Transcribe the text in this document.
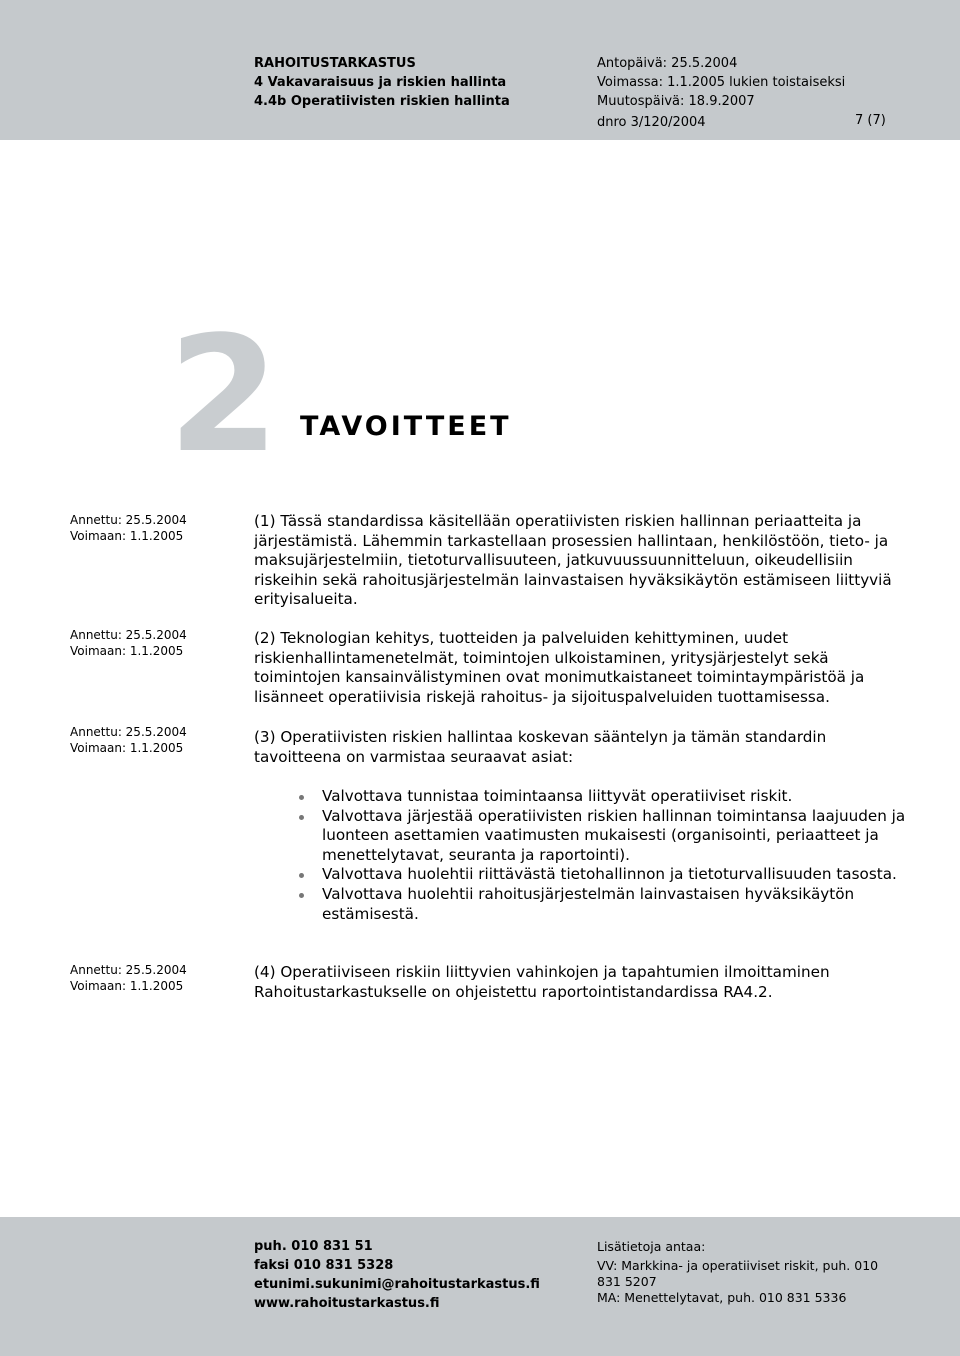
RAHOITUSTARKASTUS
4 Vakavaraisuus ja riskien hallinta
4.4b Operatiivisten riskien hallinta
Antopäivä: 25.5.2004
Voimassa: 1.1.2005 lukien toistaiseksi
Muutospäivä: 18.9.2007
dnro 3/120/2004	7 (7)
2 TAVOITTEET
Annettu: 25.5.2004
Voimaan: 1.1.2005
Annettu: 25.5.2004
Voimaan: 1.1.2005
Annettu: 25.5.2004
Voimaan: 1.1.2005
Annettu: 25.5.2004
Voimaan: 1.1.2005
(1) Tässä standardissa käsitellään operatiivisten riskien hallinnan periaatteita ja järjestämistä. Lähemmin tarkastellaan prosessien hallintaan, henkilöstöön, tieto- ja maksujärjestelmiin, tietoturvallisuuteen, jatkuvuussuunnitteluun, oikeudellisiin riskeihin sekä rahoitusjärjestelmän lainvastaisen hyväksikäytön estämiseen liittyviä erityisalueita.
(2) Teknologian kehitys, tuotteiden ja palveluiden kehittyminen, uudet riskienhallintamenetelmät, toimintojen ulkoistaminen, yritysjärjestelyt sekä toimintojen kansainvälistyminen ovat monimutkaistaneet toimintaympäristöä ja lisänneet operatiivisia riskejä rahoitus- ja sijoituspalveluiden tuottamisessa.
(3) Operatiivisten riskien hallintaa koskevan sääntelyn ja tämän standardin tavoitteena on varmistaa seuraavat asiat:
Valvottava tunnistaa toimintaansa liittyvät operatiiviset riskit.
Valvottava järjestää operatiivisten riskien hallinnan toimintansa laajuuden ja luonteen asettamien vaatimusten mukaisesti (organisointi, periaatteet ja menettelytavat, seuranta ja raportointi).
Valvottava huolehtii riittävästä tietohallinnon ja tietoturvallisuuden tasosta.
Valvottava huolehtii rahoitusjärjestelmän lainvastaisen hyväksikäytön estämisestä.
(4) Operatiiviseen riskiin liittyvien vahinkojen ja tapahtumien ilmoittaminen Rahoitustarkastukselle on ohjeistettu raportointistandardissa RA4.2.
puh. 010 831 51
faksi 010 831 5328
etunimi.sukunimi@rahoitustarkastus.fi
www.rahoitustarkastus.fi
Lisätietoja antaa:
VV: Markkina- ja operatiiviset riskit, puh. 010
831 5207
MA: Menettelytavat, puh. 010 831 5336
